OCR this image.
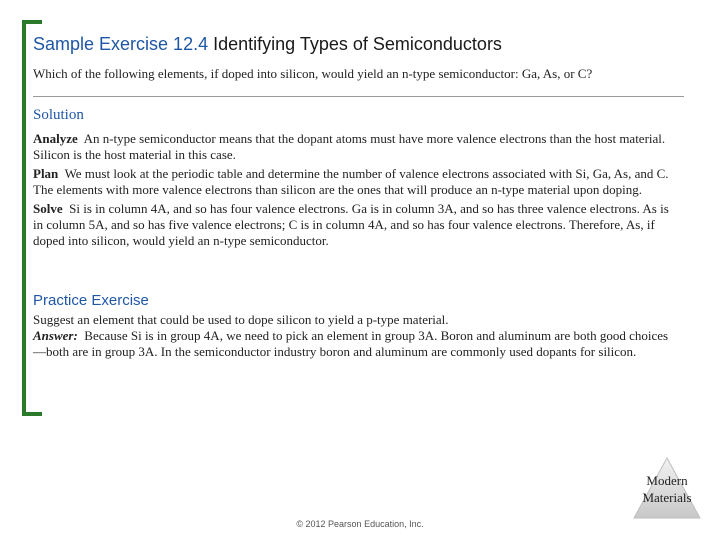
Sample Exercise 12.4 Identifying Types of Semiconductors
Which of the following elements, if doped into silicon, would yield an n-type semiconductor: Ga, As, or C?
Solution

Analyze An n-type semiconductor means that the dopant atoms must have more valence electrons than the host material. Silicon is the host material in this case.

Plan We must look at the periodic table and determine the number of valence electrons associated with Si, Ga, As, and C. The elements with more valence electrons than silicon are the ones that will produce an n-type material upon doping.

Solve Si is in column 4A, and so has four valence electrons. Ga is in column 3A, and so has three valence electrons. As is in column 5A, and so has five valence electrons; C is in column 4A, and so has four valence electrons. Therefore, As, if doped into silicon, would yield an n-type semiconductor.

Practice Exercise

Suggest an element that could be used to dope silicon to yield a p-type material.

Answer: Because Si is in group 4A, we need to pick an element in group 3A. Boron and aluminum are both good choices—both are in group 3A. In the semiconductor industry boron and aluminum are commonly used dopants for silicon.

Modern
Materials
© 2012 Pearson Education, Inc.
